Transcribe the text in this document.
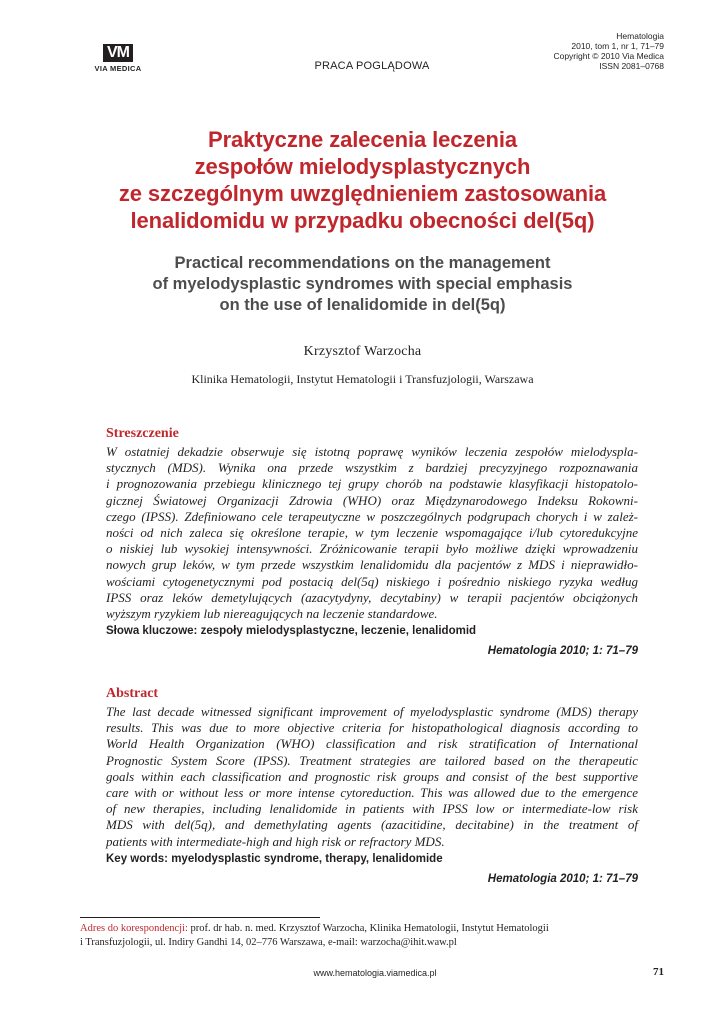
VM
VIA MEDICA	PRACA POGLĄDOWA
Hematologia
2010, tom 1, nr 1, 71–79
Copyright © 2010 Via Medica
ISSN 2081–0768
Praktyczne zalecenia leczenia
zespołów mielodysplastycznych
ze szczególnym uwzględnieniem zastosowania
lenalidomidu w przypadku obecności del(5q)
Practical recommendations on the management
of myelodysplastic syndromes with special emphasis
on the use of lenalidomide in del(5q)
Krzysztof Warzocha
Klinika Hematologii, Instytut Hematologii i Transfuzjologii, Warszawa
Streszczenie
W ostatniej dekadzie obserwuje się istotną poprawę wyników leczenia zespołów mielodyspla-
stycznych (MDS). Wynika ona przede wszystkim z bardziej precyzyjnego rozpoznawania
i prognozowania przebiegu klinicznego tej grupy chorób na podstawie klasyfikacji histopatolo-
gicznej Światowej Organizacji Zdrowia (WHO) oraz Międzynarodowego Indeksu Rokowni-
czego (IPSS). Zdefiniowano cele terapeutyczne w poszczególnych podgrupach chorych i w zależ-
ności od nich zaleca się określone terapie, w tym leczenie wspomagające i/lub cytoredukcyjne
o niskiej lub wysokiej intensywności. Zróżnicowanie terapii było możliwe dzięki wprowadzeniu
nowych grup leków, w tym przede wszystkim lenalidomidu dla pacjentów z MDS i nieprawidło-
wościami cytogenetycznymi pod postacią del(5q) niskiego i pośrednio niskiego ryzyka według
IPSS oraz leków demetylujących (azacytydyny, decytabiny) w terapii pacjentów obciążonych
wyższym ryzykiem lub niereagujących na leczenie standardowe.
Słowa kluczowe: zespoły mielodysplastyczne, leczenie, lenalidomid
Hematologia 2010; 1: 71–79
Abstract
The last decade witnessed significant improvement of myelodysplastic syndrome (MDS) therapy
results. This was due to more objective criteria for histopathological diagnosis according to
World Health Organization (WHO) classification and risk stratification of International
Prognostic System Score (IPSS). Treatment strategies are tailored based on the therapeutic
goals within each classification and prognostic risk groups and consist of the best supportive
care with or without less or more intense cytoreduction. This was allowed due to the emergence
of new therapies, including lenalidomide in patients with IPSS low or intermediate-low risk
MDS with del(5q), and demethylating agents (azacitidine, decitabine) in the treatment of
patients with intermediate-high and high risk or refractory MDS.
Key words: myelodysplastic syndrome, therapy, lenalidomide
Hematologia 2010; 1: 71–79
Adres do korespondencji: prof. dr hab. n. med. Krzysztof Warzocha, Klinika Hematologii, Instytut Hematologii
i Transfuzjologii, ul. Indiry Gandhi 14, 02–776 Warszawa, e-mail: warzocha@ihit.waw.pl
www.hematologia.viamedica.pl	71
